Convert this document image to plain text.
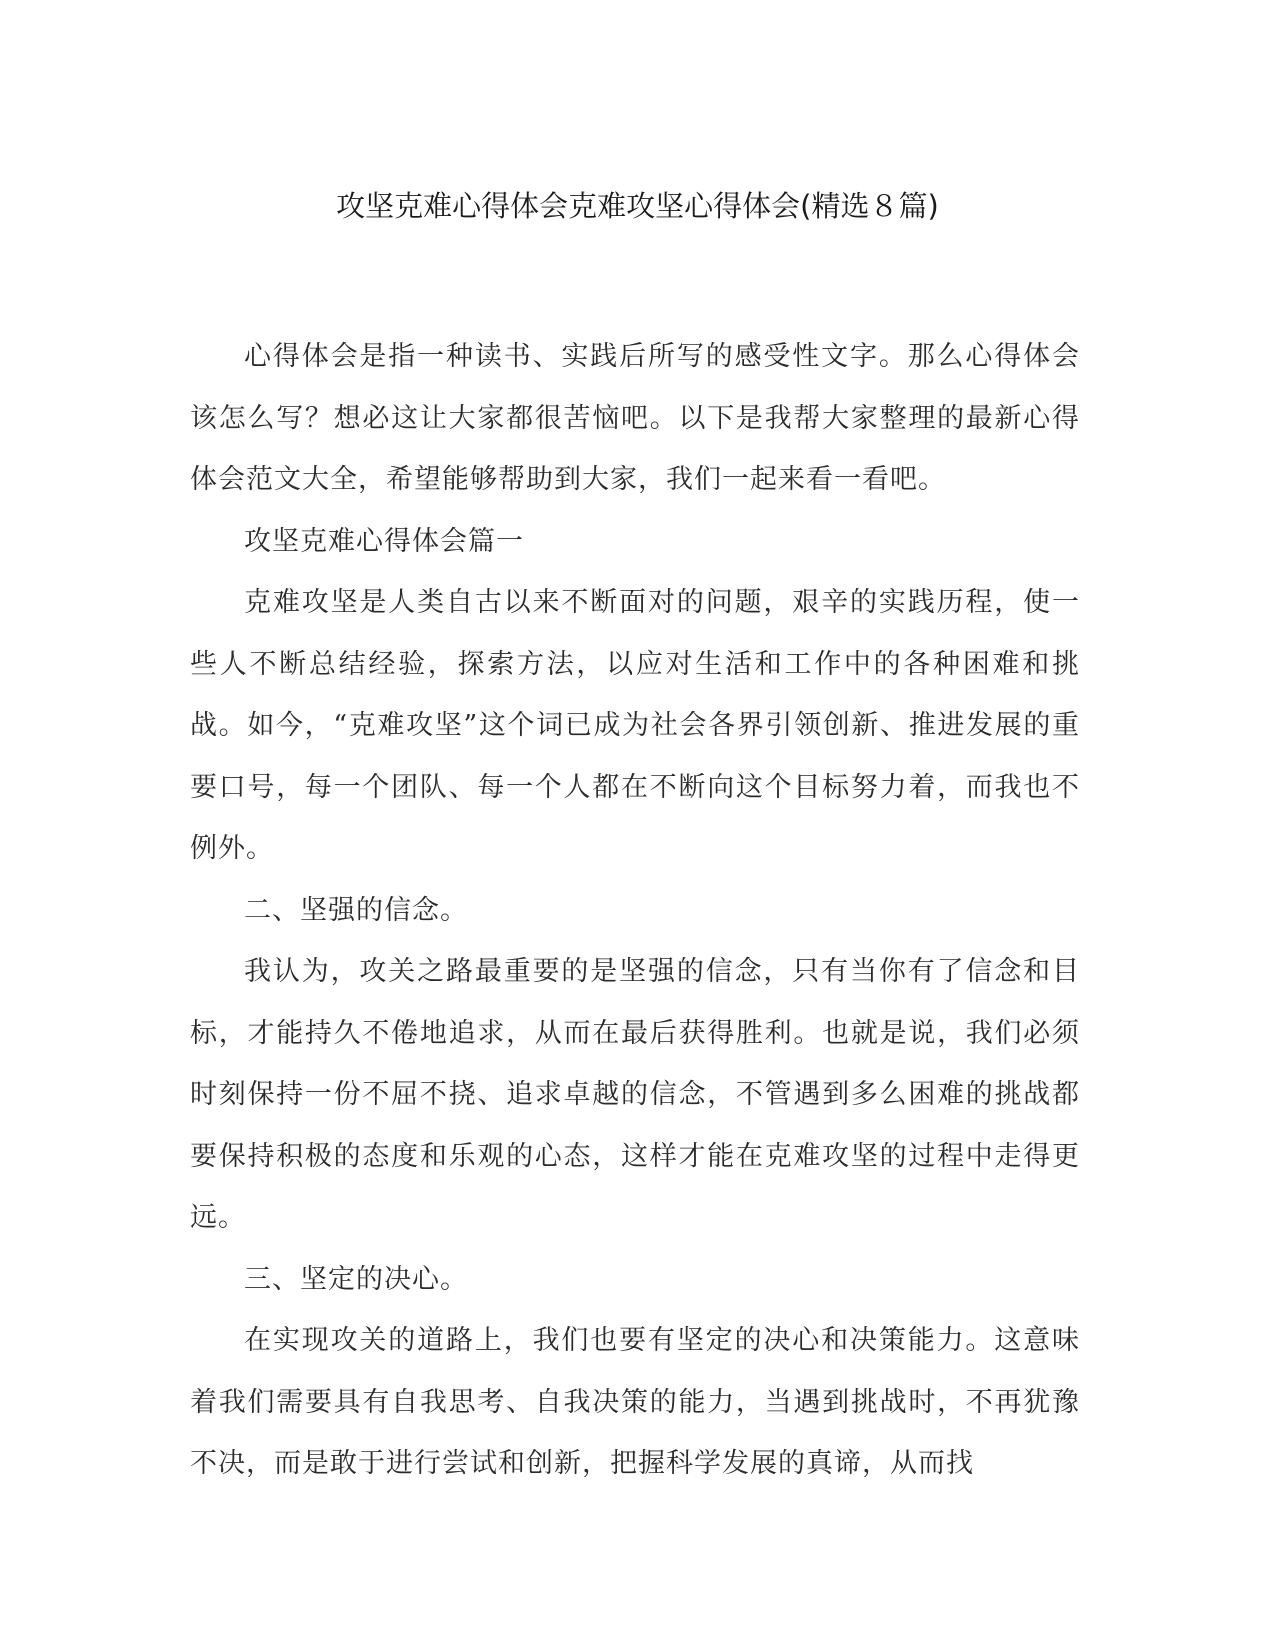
攻坚克难心得体会克难攻坚心得体会(精选８篇)

心得体会是指一种读书、实践后所写的感受性文字。那么心得体会该怎么写？想必这让大家都很苦恼吧。以下是我帮大家整理的最新心得体会范文大全，希望能够帮助到大家，我们一起来看一看吧。

攻坚克难心得体会篇一

克难攻坚是人类自古以来不断面对的问题，艰辛的实践历程，使一些人不断总结经验，探索方法，以应对生活和工作中的各种困难和挑战。如今，“克难攻坚”这个词已成为社会各界引领创新、推进发展的重要口号，每一个团队、每一个人都在不断向这个目标努力着，而我也不例外。

二、坚强的信念。

我认为，攻关之路最重要的是坚强的信念，只有当你有了信念和目标，才能持久不倦地追求，从而在最后获得胜利。也就是说，我们必须时刻保持一份不屈不挠、追求卓越的信念，不管遇到多么困难的挑战都要保持积极的态度和乐观的心态，这样才能在克难攻坚的过程中走得更远。

三、坚定的决心。

在实现攻关的道路上，我们也要有坚定的决心和决策能力。这意味着我们需要具有自我思考、自我决策的能力，当遇到挑战时，不再犹豫不决，而是敢于进行尝试和创新，把握科学发展的真谛，从而找
